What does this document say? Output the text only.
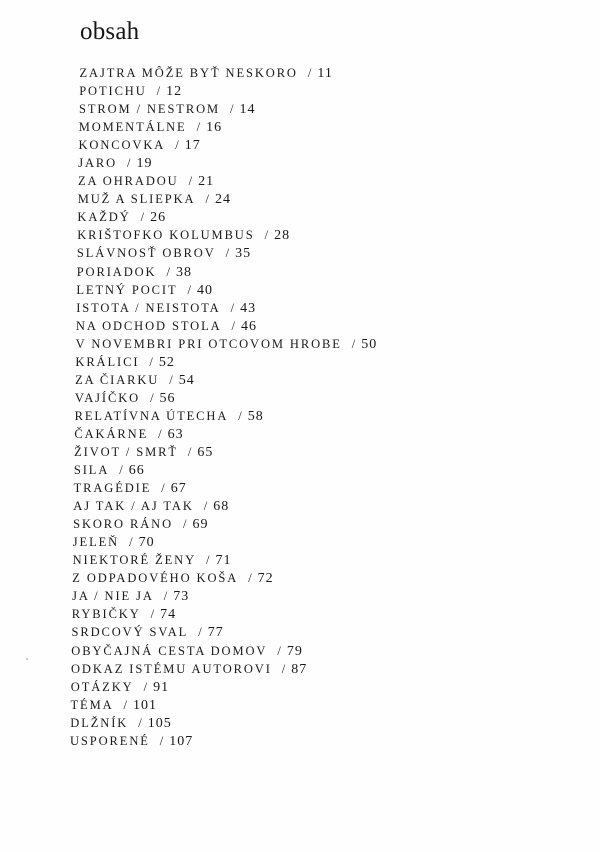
obsah
ZAJTRA MÔŽE BYŤ NESKORO / 11
POTICHU / 12
STROM / NESTROM / 14
MOMENTÁLNE / 16
KONCOVKA / 17
JARO / 19
ZA OHRADOU / 21
MUŽ A SLIEPKA / 24
KAŽDÝ / 26
KRIŠTOFKO KOLUMBUS / 28
SLÁVNOSŤ OBROV / 35
PORIADOK / 38
LETNÝ POCIT / 40
ISTOTA / NEISTOTA / 43
NA ODCHOD STOLA / 46
V NOVEMBRI PRI OTCOVOM HROBE / 50
KRÁLICI / 52
ZA ČIARKU / 54
VAJÍČKO / 56
RELATÍVNA ÚTECHA / 58
ČAKÁRNE / 63
ŽIVOT / SMRŤ / 65
SILA / 66
TRAGÉDIE / 67
AJ TAK / AJ TAK / 68
SKORO RÁNO / 69
JELEŇ / 70
NIEKTORÉ ŽENY / 71
Z ODPADOVÉHO KOŠA / 72
JA / NIE JA / 73
RYBIČKY / 74
SRDCOVÝ SVAL / 77
OBYČAJNÁ CESTA DOMOV / 79
ODKAZ ISTÉMU AUTOROVI / 87
OTÁZKY / 91
TÉMA / 101
DLŽNÍK / 105
USPORENÉ / 107
